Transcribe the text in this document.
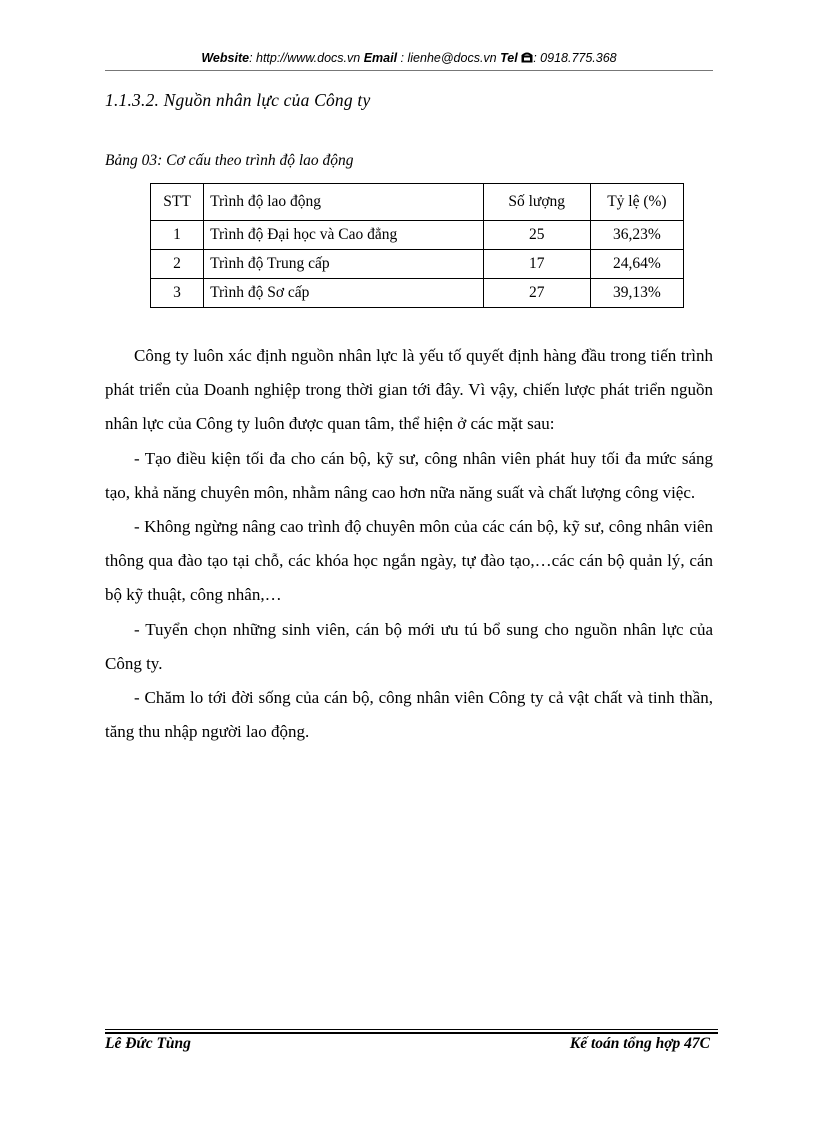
Website: http://www.docs.vn Email : lienhe@docs.vn Tel : 0918.775.368
1.1.3.2. Nguồn nhân lực của Công ty
Bảng 03: Cơ cấu theo trình độ lao động
STT	Trình độ lao động	Số lượng	Tỷ lệ (%)
1	Trình độ Đại học và Cao đẳng	25	36,23%
2	Trình độ Trung cấp	17	24,64%
3	Trình độ Sơ cấp	27	39,13%

Công ty luôn xác định nguồn nhân lực là yếu tố quyết định hàng đầu trong tiến trình phát triển của Doanh nghiệp trong thời gian tới đây. Vì vậy, chiến lược phát triển nguồn nhân lực của Công ty luôn được quan tâm, thể hiện ở các mặt sau:

- Tạo điều kiện tối đa cho cán bộ, kỹ sư, công nhân viên phát huy tối đa mức sáng tạo, khả năng chuyên môn, nhằm nâng cao hơn nữa năng suất và chất lượng công việc.

- Không ngừng nâng cao trình độ chuyên môn của các cán bộ, kỹ sư, công nhân viên thông qua đào tạo tại chỗ, các khóa học ngắn ngày, tự đào tạo,…các cán bộ quản lý, cán bộ kỹ thuật, công nhân,…

- Tuyển chọn những sinh viên, cán bộ mới ưu tú bổ sung cho nguồn nhân lực của Công ty.

- Chăm lo tới đời sống của cán bộ, công nhân viên Công ty cả vật chất và tinh thần, tăng thu nhập người lao động.

Lê Đức Tùng	Kế toán tổng hợp 47C
